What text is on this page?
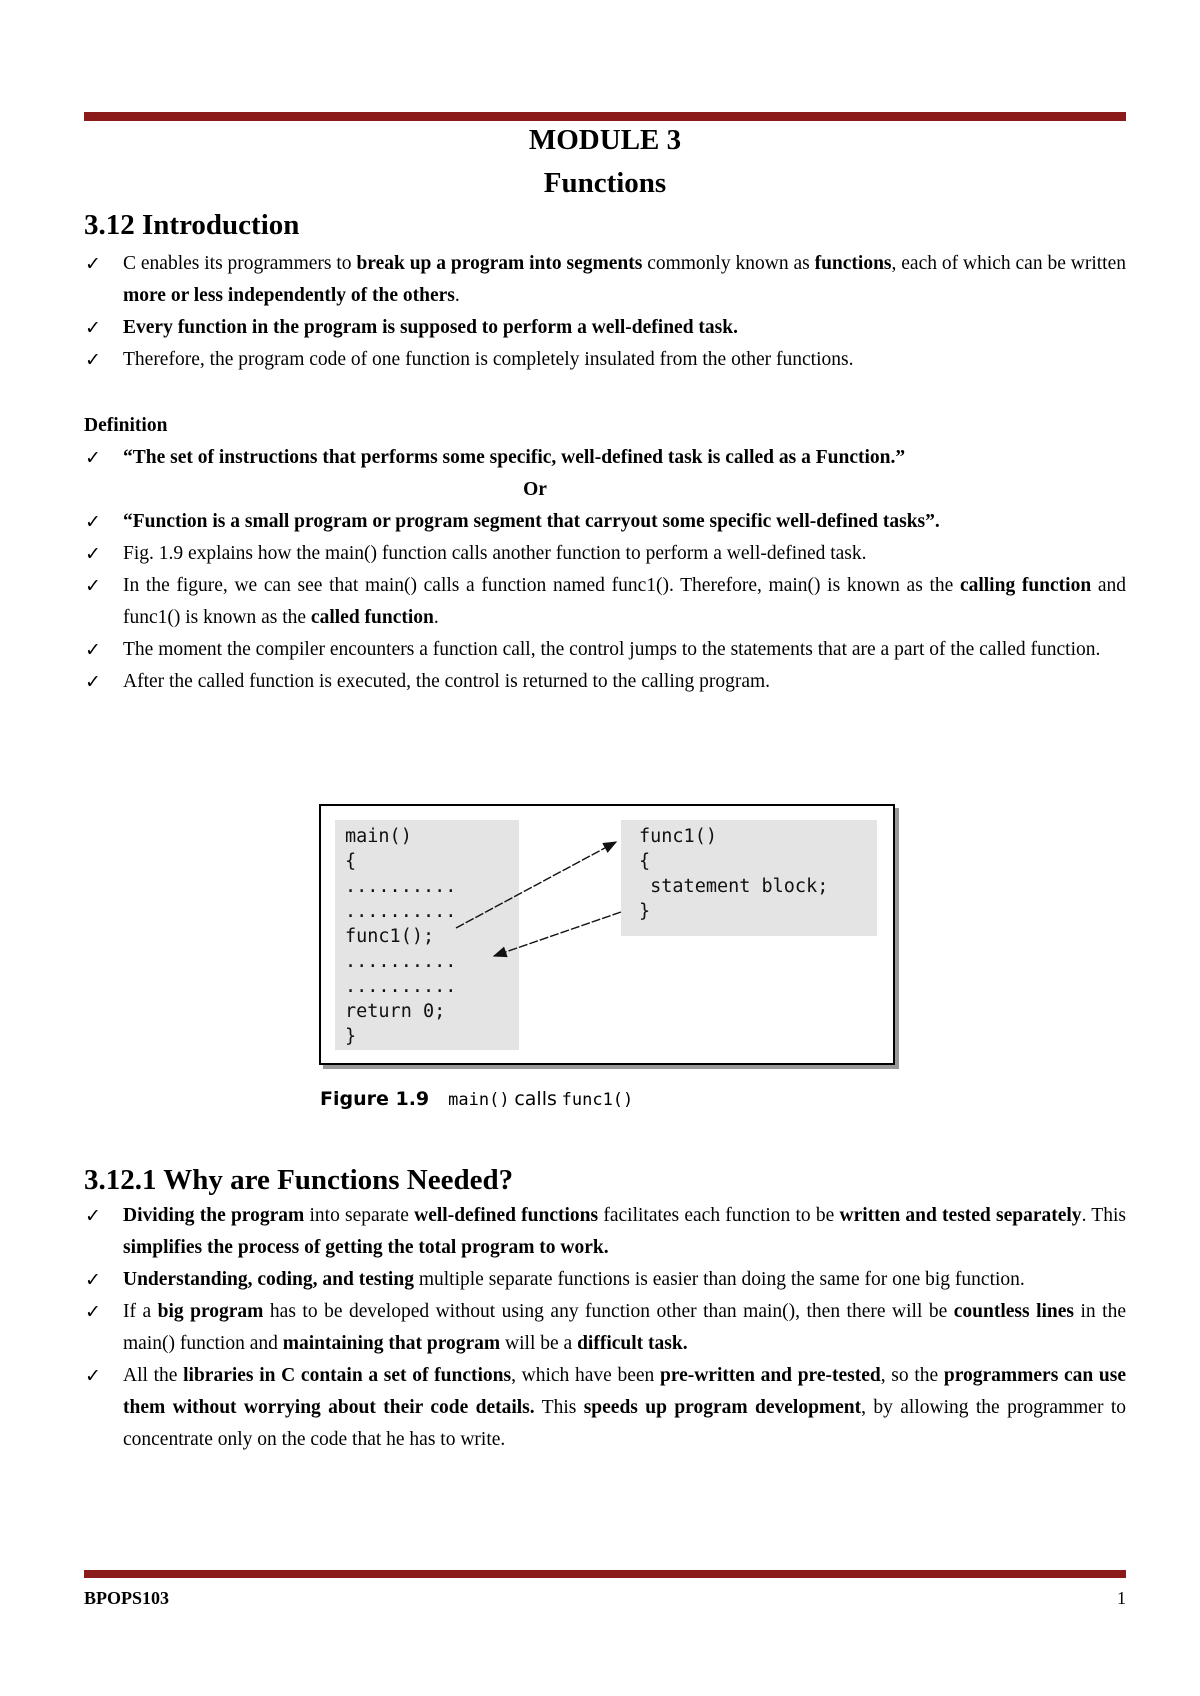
MODULE 3
Functions
3.12 Introduction
✓ C enables its programmers to break up a program into segments commonly known as functions, each of which can be written more or less independently of the others.
✓ Every function in the program is supposed to perform a well-defined task.
✓ Therefore, the program code of one function is completely insulated from the other functions.
Definition
✓ “The set of instructions that performs some specific, well-defined task is called as a Function.”
Or
✓ “Function is a small program or program segment that carryout some specific well-defined tasks”.
✓ Fig. 1.9 explains how the main() function calls another function to perform a well-defined task.
✓ In the figure, we can see that main() calls a function named func1(). Therefore, main() is known as the calling function and func1() is known as the called function.
✓ The moment the compiler encounters a function call, the control jumps to the statements that are a part of the called function.
✓ After the called function is executed, the control is returned to the calling program.
main()
{
..........
..........
func1();
..........
..........
return 0;
}
func1()
{
statement block;
}
Figure 1.9 main() calls func1()
3.12.1 Why are Functions Needed?
✓ Dividing the program into separate well-defined functions facilitates each function to be written and tested separately. This simplifies the process of getting the total program to work.
✓ Understanding, coding, and testing multiple separate functions is easier than doing the same for one big function.
✓ If a big program has to be developed without using any function other than main(), then there will be countless lines in the main() function and maintaining that program will be a difficult task.
✓ All the libraries in C contain a set of functions, which have been pre-written and pre-tested, so the programmers can use them without worrying about their code details. This speeds up program development, by allowing the programmer to concentrate only on the code that he has to write.
BPOPS103	1
